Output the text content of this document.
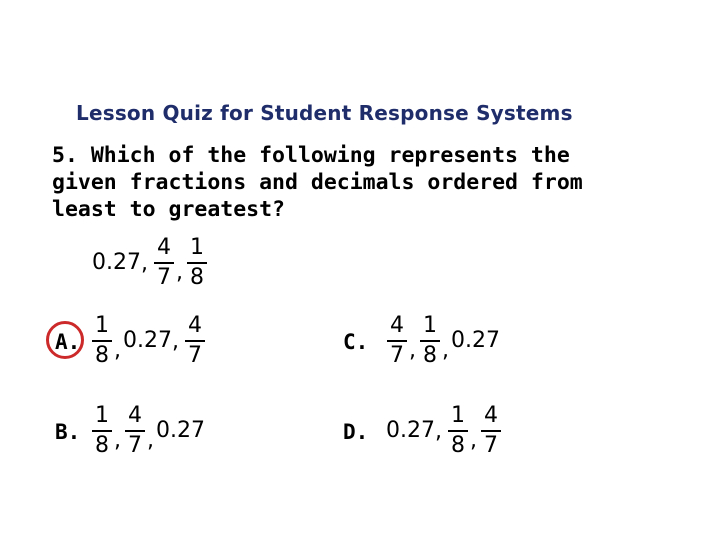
Lesson Quiz for Student Response Systems
5. Which of the following represents the
given fractions and decimals ordered from
least to greatest?
0.27 , $\frac{4}{7}$ , $\frac{1}{8}$
A. $\frac{1}{8}$ , 0.27 , $\frac{4}{7}$	C. $\frac{4}{7}$ , $\frac{1}{8}$ , 0.27
B. $\frac{1}{8}$ , $\frac{4}{7}$ , 0.27	D. 0.27 , $\frac{1}{8}$ , $\frac{4}{7}$
